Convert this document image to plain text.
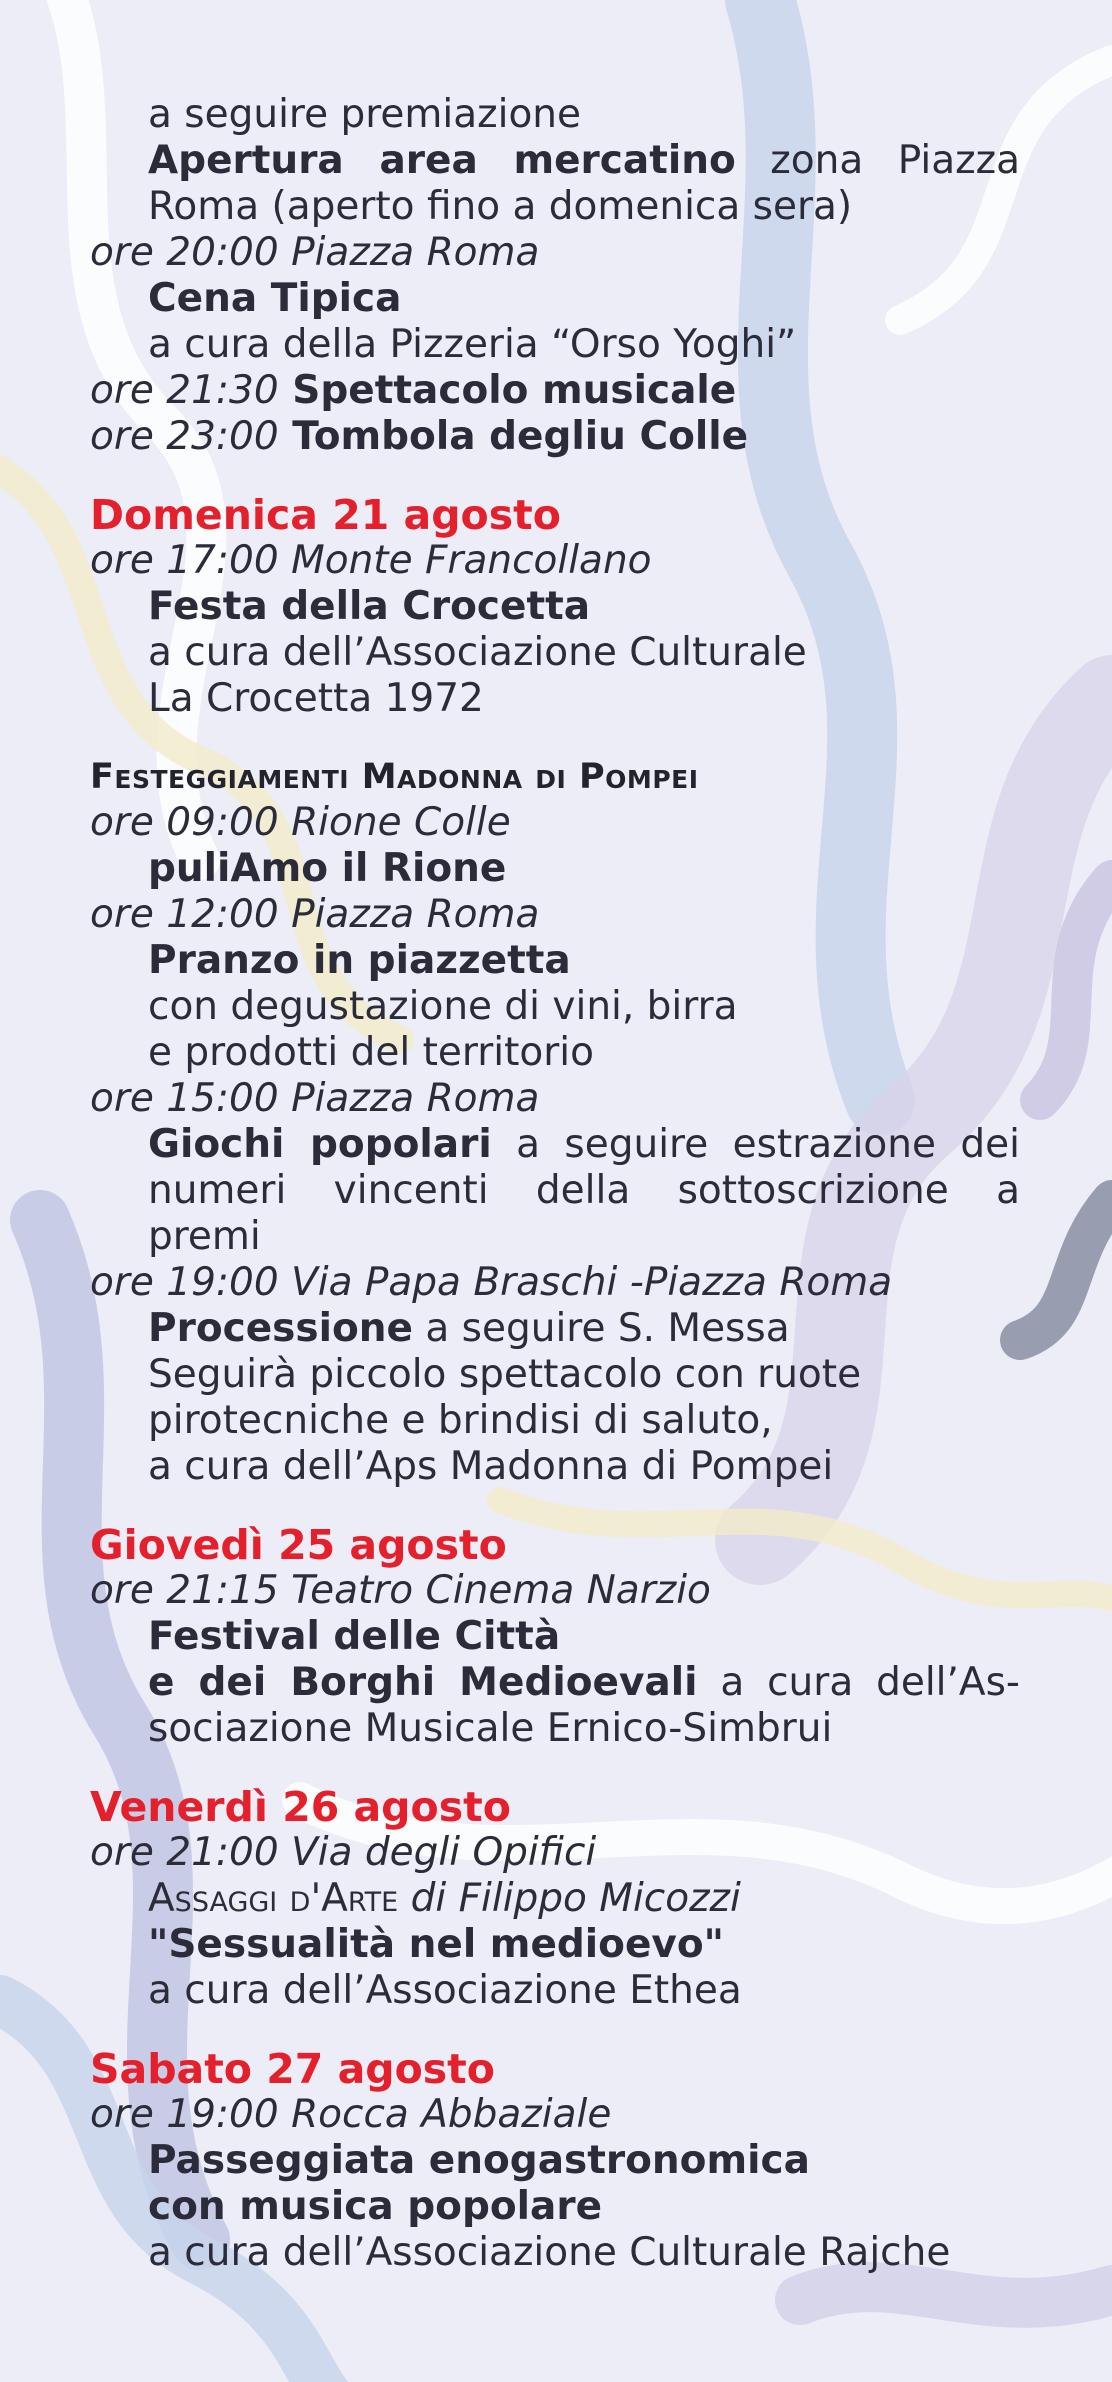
a seguire premiazione
Apertura area mercatino zona Piazza
Roma (aperto fino a domenica sera)
ore 20:00 Piazza Roma
Cena Tipica
a cura della Pizzeria “Orso Yoghi”
ore 21:30 Spettacolo musicale
ore 23:00 Tombola degliu Colle
Domenica 21 agosto
ore 17:00 Monte Francollano
Festa della Crocetta
a cura dell’Associazione Culturale
La Crocetta 1972
Festeggiamenti Madonna di Pompei
ore 09:00 Rione Colle
puliAmo il Rione
ore 12:00 Piazza Roma
Pranzo in piazzetta
con degustazione di vini, birra
e prodotti del territorio
ore 15:00 Piazza Roma
Giochi popolari a seguire estrazione dei
numeri vincenti della sottoscrizione a
premi
ore 19:00 Via Papa Braschi -Piazza Roma
Processione a seguire S. Messa
Seguirà piccolo spettacolo con ruote
pirotecniche e brindisi di saluto,
a cura dell’Aps Madonna di Pompei
Giovedì 25 agosto
ore 21:15 Teatro Cinema Narzio
Festival delle Città
e dei Borghi Medioevali a cura dell’As-
sociazione Musicale Ernico-Simbrui
Venerdì 26 agosto
ore 21:00 Via degli Opifici
Assaggi d'Arte di Filippo Micozzi
"Sessualità nel medioevo"
a cura dell’Associazione Ethea
Sabato 27 agosto
ore 19:00 Rocca Abbaziale
Passeggiata enogastronomica
con musica popolare
a cura dell’Associazione Culturale Rajche
